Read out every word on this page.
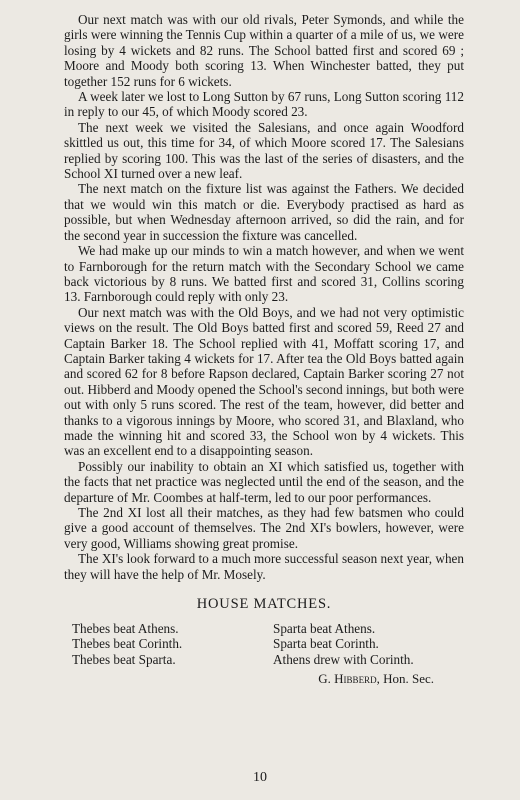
Our next match was with our old rivals, Peter Symonds, and while the girls were winning the Tennis Cup within a quarter of a mile of us, we were losing by 4 wickets and 82 runs. The School batted first and scored 69 ; Moore and Moody both scoring 13. When Winchester batted, they put together 152 runs for 6 wickets.

A week later we lost to Long Sutton by 67 runs, Long Sutton scoring 112 in reply to our 45, of which Moody scored 23.

The next week we visited the Salesians, and once again Woodford skittled us out, this time for 34, of which Moore scored 17. The Salesians replied by scoring 100. This was the last of the series of disasters, and the School XI turned over a new leaf.

The next match on the fixture list was against the Fathers. We decided that we would win this match or die. Everybody practised as hard as possible, but when Wednesday afternoon arrived, so did the rain, and for the second year in succession the fixture was cancelled.

We had make up our minds to win a match however, and when we went to Farnborough for the return match with the Secondary School we came back victorious by 8 runs. We batted first and scored 31, Collins scoring 13. Farnborough could reply with only 23.

Our next match was with the Old Boys, and we had not very optimistic views on the result. The Old Boys batted first and scored 59, Reed 27 and Captain Barker 18. The School replied with 41, Moffatt scoring 17, and Captain Barker taking 4 wickets for 17. After tea the Old Boys batted again and scored 62 for 8 before Rapson declared, Captain Barker scoring 27 not out. Hibberd and Moody opened the School's second innings, but both were out with only 5 runs scored. The rest of the team, however, did better and thanks to a vigorous innings by Moore, who scored 31, and Blaxland, who made the winning hit and scored 33, the School won by 4 wickets. This was an excellent end to a disappointing season.

Possibly our inability to obtain an XI which satisfied us, together with the facts that net practice was neglected until the end of the season, and the departure of Mr. Coombes at half-term, led to our poor performances.

The 2nd XI lost all their matches, as they had few batsmen who could give a good account of themselves. The 2nd XI's bowlers, however, were very good, Williams showing great promise.

The XI's look forward to a much more successful season next year, when they will have the help of Mr. Mosely.

HOUSE MATCHES.
Thebes beat Athens.
Thebes beat Corinth.
Thebes beat Sparta.
Sparta beat Athens.
Sparta beat Corinth.
Athens drew with Corinth.
G. Hibberd, Hon. Sec.
10
